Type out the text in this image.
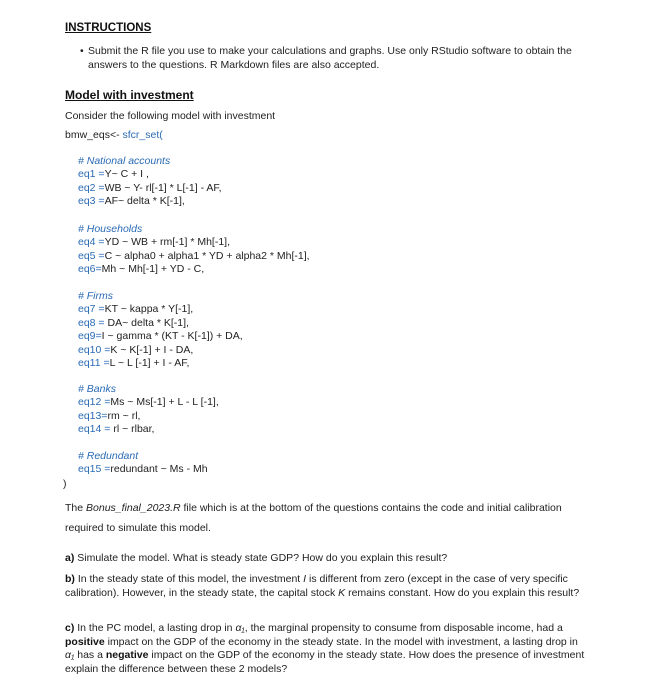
INSTRUCTIONS
• Submit the R file you use to make your calculations and graphs. Use only RStudio software to obtain the answers to the questions. R Markdown files are also accepted.
Model with investment
Consider the following model with investment
bmw_eqs<- sfcr_set(
# National accounts
eq1 =Y~ C + I ,
eq2 =WB ~ Y- rl[-1] * L[-1] - AF,
eq3 =AF~ delta * K[-1],
# Households
eq4 =YD ~ WB + rm[-1] * Mh[-1],
eq5 =C ~ alpha0 + alpha1 * YD + alpha2 * Mh[-1],
eq6=Mh ~ Mh[-1] + YD - C,
# Firms
eq7 =KT ~ kappa * Y[-1],
eq8 = DA~ delta * K[-1],
eq9=I ~ gamma * (KT - K[-1]) + DA,
eq10 =K ~ K[-1] + I - DA,
eq11 =L ~ L [-1] + I - AF,
# Banks
eq12 =Ms ~ Ms[-1] + L - L [-1],
eq13=rm ~ rl,
eq14 = rl ~ rlbar,
# Redundant
eq15 =redundant ~ Ms - Mh
)
The Bonus_final_2023.R file which is at the bottom of the questions contains the code and initial calibration required to simulate this model.
a) Simulate the model. What is steady state GDP? How do you explain this result?
b) In the steady state of this model, the investment I is different from zero (except in the case of very specific calibration). However, in the steady state, the capital stock K remains constant. How do you explain this result?
c) In the PC model, a lasting drop in α₁, the marginal propensity to consume from disposable income, had a positive impact on the GDP of the economy in the steady state. In the model with investment, a lasting drop in α₁ has a negative impact on the GDP of the economy in the steady state. How does the presence of investment explain the difference between these 2 models?
